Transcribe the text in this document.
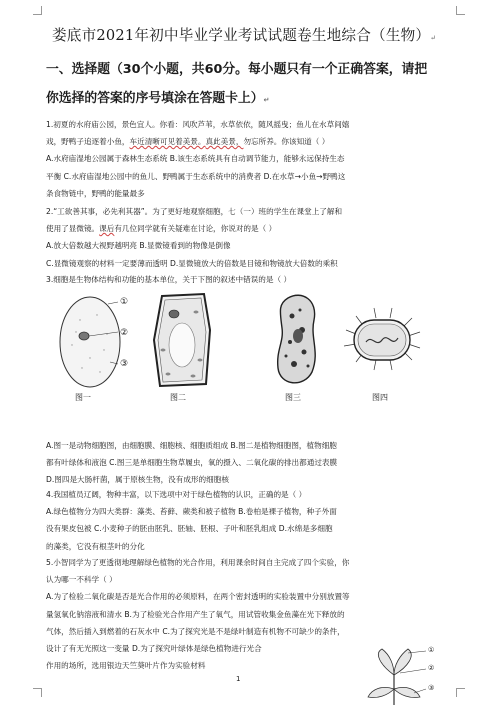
娄底市2021年初中毕业学业考试试题卷生地综合（生物）↵
一、选择题（30个小题，共60分。每小题只有一个正确答案，请把
你选择的答案的序号填涂在答题卡上）↵

1.初夏的水府庙公园，景色宜人。你看：风吹芦苇，水草依依，随风摇曳；鱼儿在水草间嬉

戏，野鸭子追逐着小鱼，车近清晰可见着美景。真此美景，勿忘所养。你该知道（ ）

A.水府庙湿地公园属于森林生态系统 B.该生态系统具有自动调节能力，能够永远保持生态

平衡 C.水府庙湿地公园中的鱼儿、野鸭属于生态系统中的消费者 D.在水草→小鱼→野鸭这

条食物链中，野鸭的能量最多

2.“工欲善其事，必先利其器”。为了更好地观察细胞，七（一）班的学生在课堂上了解和

使用了显微镜。课后有几位同学就有关疑难在讨论，你说对的是（ ）

A.放大倍数越大视野越明亮 B.显微镜看到的物像是倒像

C.显微镜观察的材料一定要薄而透明 D.显微镜放大的倍数是目镜和物镜放大倍数的乘积

3.细胞是生物体结构和功能的基本单位，关于下图的叙述中错误的是（ ）

①
②
③
图一	图二	图三	图四

A.图一是动物细胞图，由细胞膜、细胞核、细胞质组成 B.图二是植物细胞图，植物细胞

都有叶绿体和液泡 C.图三是单细胞生物草履虫，氧的摄入、二氧化碳的排出都通过表膜

D.图四是大肠杆菌，属于原核生物，没有成形的细胞核

4.我国植员辽阔，物种丰富，以下选项中对于绿色植物的认识，正确的是（ ）

A.绿色植物分为四大类群：藻类、苔藓、蕨类和被子植物 B.卷柏是裸子植物，种子外面

没有果皮包被 C.小麦种子的胚由胚乳、胚轴、胚根、子叶和胚乳组成 D.水绵是多细胞

的藻类，它没有根茎叶的分化

5.小智同学为了更透彻地理解绿色植物的光合作用，利用课余时间自主完成了四个实验，你

认为哪一不科学（ ）

A.为了检验二氧化碳是否是光合作用的必须原料，在两个密封透明的实验装置中分别放置等

量氢氧化钠溶液和清水 B.为了检验光合作用产生了氧气，用试管收集金鱼藻在光下释放的

气体，然后插入到燃着的石灰水中 C.为了探究光是不是绿叶制造有机物不可缺少的条件，

设计了有无光照这一变量 D.为了探究叶绿体是绿色植物进行光合

作用的场所，选用银边天竺葵叶片作为实验材料

①
②
③
1
